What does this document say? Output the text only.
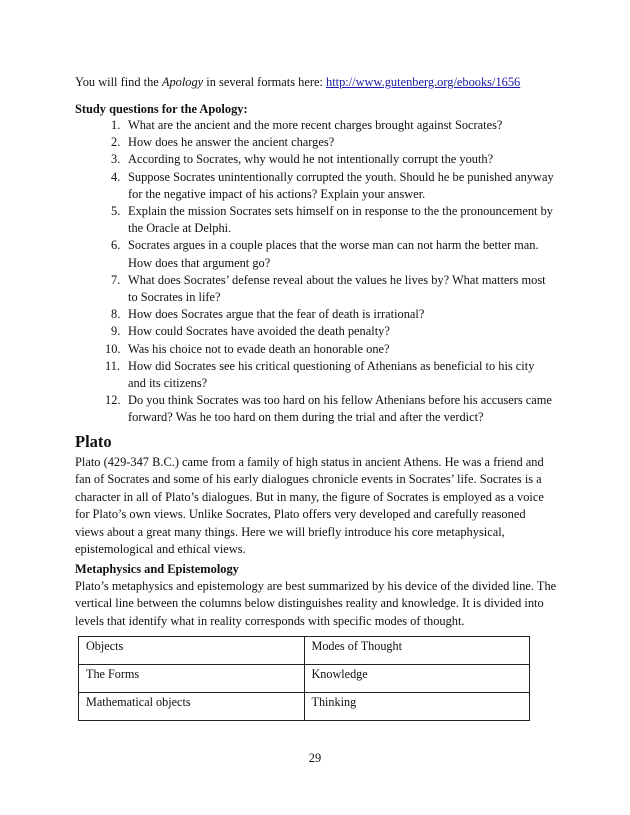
You will find the Apology in several formats here: http://www.gutenberg.org/ebooks/1656
Study questions for the Apology:
1. What are the ancient and the more recent charges brought against Socrates?
2. How does he answer the ancient charges?
3. According to Socrates, why would he not intentionally corrupt the youth?
4. Suppose Socrates unintentionally corrupted the youth. Should he be punished anyway
for the negative impact of his actions? Explain your answer.
5. Explain the mission Socrates sets himself on in response to the the pronouncement by
the Oracle at Delphi.
6. Socrates argues in a couple places that the worse man can not harm the better man.
How does that argument go?
7. What does Socrates’ defense reveal about the values he lives by? What matters most
to Socrates in life?
8. How does Socrates argue that the fear of death is irrational?
9. How could Socrates have avoided the death penalty?
10. Was his choice not to evade death an honorable one?
11. How did Socrates see his critical questioning of Athenians as beneficial to his city
and its citizens?
12. Do you think Socrates was too hard on his fellow Athenians before his accusers came
forward? Was he too hard on them during the trial and after the verdict?
Plato
Plato (429-347 B.C.) came from a family of high status in ancient Athens. He was a friend and
fan of Socrates and some of his early dialogues chronicle events in Socrates’ life. Socrates is a
character in all of Plato’s dialogues. But in many, the figure of Socrates is employed as a voice
for Plato’s own views. Unlike Socrates, Plato offers very developed and carefully reasoned
views about a great many things. Here we will briefly introduce his core metaphysical,
epistemological and ethical views.
Metaphysics and Epistemology
Plato’s metaphysics and epistemology are best summarized by his device of the divided line. The
vertical line between the columns below distinguishes reality and knowledge. It is divided into
levels that identify what in reality corresponds with specific modes of thought.
Objects	Modes of Thought
The Forms	Knowledge
Mathematical objects	Thinking
29
